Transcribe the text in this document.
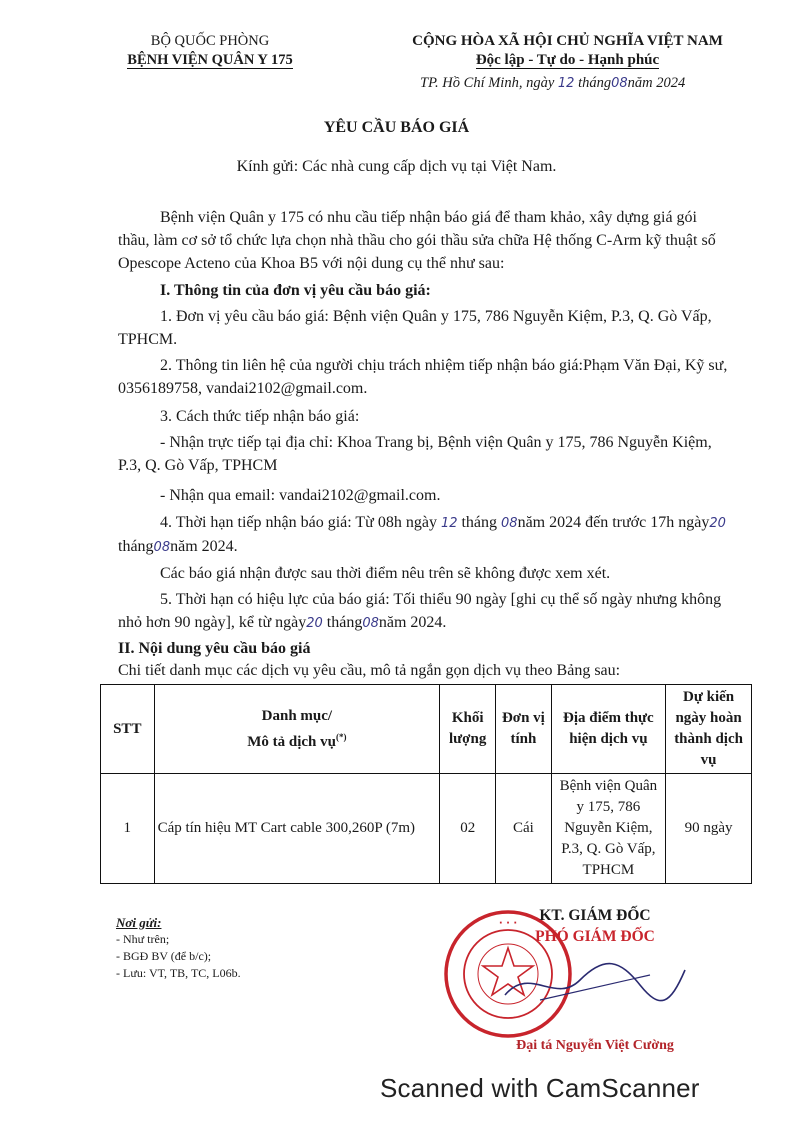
BỘ QUỐC PHÒNG
BỆNH VIỆN QUÂN Y 175
CỘNG HÒA XÃ HỘI CHỦ NGHĨA VIỆT NAM
Độc lập - Tự do - Hạnh phúc
TP. Hồ Chí Minh, ngày 12 tháng08năm 2024
YÊU CẦU BÁO GIÁ
Kính gửi: Các nhà cung cấp dịch vụ tại Việt Nam.
Bệnh viện Quân y 175 có nhu cầu tiếp nhận báo giá để tham khảo, xây dựng giá gói thầu, làm cơ sở tổ chức lựa chọn nhà thầu cho gói thầu sửa chữa Hệ thống C-Arm kỹ thuật số Opescope Acteno của Khoa B5 với nội dung cụ thể như sau:
I. Thông tin của đơn vị yêu cầu báo giá:
1. Đơn vị yêu cầu báo giá: Bệnh viện Quân y 175, 786 Nguyễn Kiệm, P.3, Q. Gò Vấp, TPHCM.
2. Thông tin liên hệ của người chịu trách nhiệm tiếp nhận báo giá:Phạm Văn Đại, Kỹ sư, 0356189758, vandai2102@gmail.com.
3. Cách thức tiếp nhận báo giá:
- Nhận trực tiếp tại địa chỉ: Khoa Trang bị, Bệnh viện Quân y 175, 786 Nguyễn Kiệm, P.3, Q. Gò Vấp, TPHCM
- Nhận qua email: vandai2102@gmail.com.
4. Thời hạn tiếp nhận báo giá: Từ 08h ngày 12 tháng 08năm 2024 đến trước 17h ngày20 tháng08năm 2024.
Các báo giá nhận được sau thời điểm nêu trên sẽ không được xem xét.
5. Thời hạn có hiệu lực của báo giá: Tối thiểu 90 ngày [ghi cụ thể số ngày nhưng không nhỏ hơn 90 ngày], kể từ ngày20 tháng08năm 2024.
II. Nội dung yêu cầu báo giá
Chi tiết danh mục các dịch vụ yêu cầu, mô tả ngắn gọn dịch vụ theo Bảng sau:
STT	Danh mục/
Mô tả dịch vụ(*)	Khối lượng	Đơn vị tính	Địa điểm thực hiện dịch vụ	Dự kiến ngày hoàn thành dịch vụ
1	Cáp tín hiệu MT Cart cable 300,260P (7m)	02	Cái	Bệnh viện Quân y 175, 786 Nguyễn Kiệm, P.3, Q. Gò Vấp, TPHCM	90 ngày
Nơi gửi:
- Như trên;
- BGĐ BV (để b/c);
- Lưu: VT, TB, TC, L06b.
· · ·	KT. GIÁM ĐỐC
PHÓ GIÁM ĐỐC
Đại tá Nguyễn Việt Cường
Scanned with CamScanner
